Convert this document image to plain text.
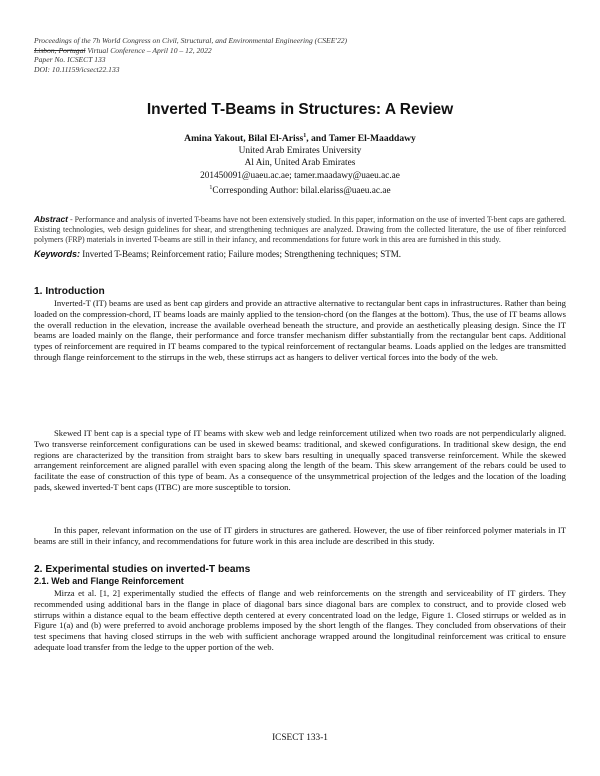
Proceedings of the 7h World Congress on Civil, Structural, and Environmental Engineering (CSEE'22)
Lisbon, Portugal Virtual Conference – April 10 – 12, 2022
Paper No. ICSECT 133
DOI: 10.11159/icsect22.133
Inverted T-Beams in Structures: A Review
Amina Yakout, Bilal El-Ariss$^1$, and Tamer El-Maaddawy
United Arab Emirates University
Al Ain, United Arab Emirates
201450091@uaeu.ac.ae; tamer.maadawy@uaeu.ac.ae
$^1$Corresponding Author: bilal.elariss@uaeu.ac.ae
Abstract - Performance and analysis of inverted T-beams have not been extensively studied. In this paper, information on the use of inverted T-bent caps are gathered. Existing technologies, web design guidelines for shear, and strengthening techniques are analyzed. Drawing from the collected literature, the use of fiber reinforced polymers (FRP) materials in inverted T-beams are still in their infancy, and recommendations for future work in this area are furnished in this study.
Keywords: Inverted T-Beams; Reinforcement ratio; Failure modes; Strengthening techniques; STM.
1. Introduction

Inverted-T (IT) beams are used as bent cap girders and provide an attractive alternative to rectangular bent caps in infrastructures. Rather than being loaded on the compression-chord, IT beams loads are mainly applied to the tension-chord (on the flanges at the bottom). Thus, the use of IT beams allows the overall reduction in the elevation, increase the available overhead beneath the structure, and provide an aesthetically pleasing design. Since the IT beams are loaded mainly on the flange, their performance and force transfer mechanism differ substantially from the rectangular bent caps. Additional types of reinforcement are required in IT beams compared to the typical reinforcement of rectangular beams. Loads applied on the ledges are transmitted through flange reinforcement to the stirrups in the web, these stirrups act as hangers to deliver vertical forces into the body of the web.

Skewed IT bent cap is a special type of IT beams with skew web and ledge reinforcement utilized when two roads are not perpendicularly aligned. Two transverse reinforcement configurations can be used in skewed beams: traditional, and skewed configurations. In traditional skew design, the end regions are characterized by the transition from straight bars to skew bars resulting in unequally spaced transverse reinforcement. While the skewed arrangement reinforcement are aligned parallel with even spacing along the length of the beam. This skew arrangement of the rebars could be used to facilitate the ease of construction of this type of beam. As a consequence of the unsymmetrical projection of the ledges and the location of the loading pads, skewed inverted-T bent caps (ITBC) are more susceptible to torsion.

In this paper, relevant information on the use of IT girders in structures are gathered. However, the use of fiber reinforced polymer materials in IT beams are still in their infancy, and recommendations for future work in this area include are described in this study.

2. Experimental studies on inverted-T beams
2.1. Web and Flange Reinforcement

Mirza et al. [1, 2] experimentally studied the effects of flange and web reinforcements on the strength and serviceability of IT girders. They recommended using additional bars in the flange in place of diagonal bars since diagonal bars are complex to construct, and to provide closed web stirrups within a distance equal to the beam effective depth centered at every concentrated load on the ledge, Figure 1. Closed stirrups or welded as in Figure 1(a) and (b) were preferred to avoid anchorage problems imposed by the short length of the flanges. They concluded from observations of their test specimens that having closed stirrups in the web with sufficient anchorage wrapped around the longitudinal reinforcement was critical to ensure adequate load transfer from the ledge to the upper portion of the web.

ICSECT 133-1
